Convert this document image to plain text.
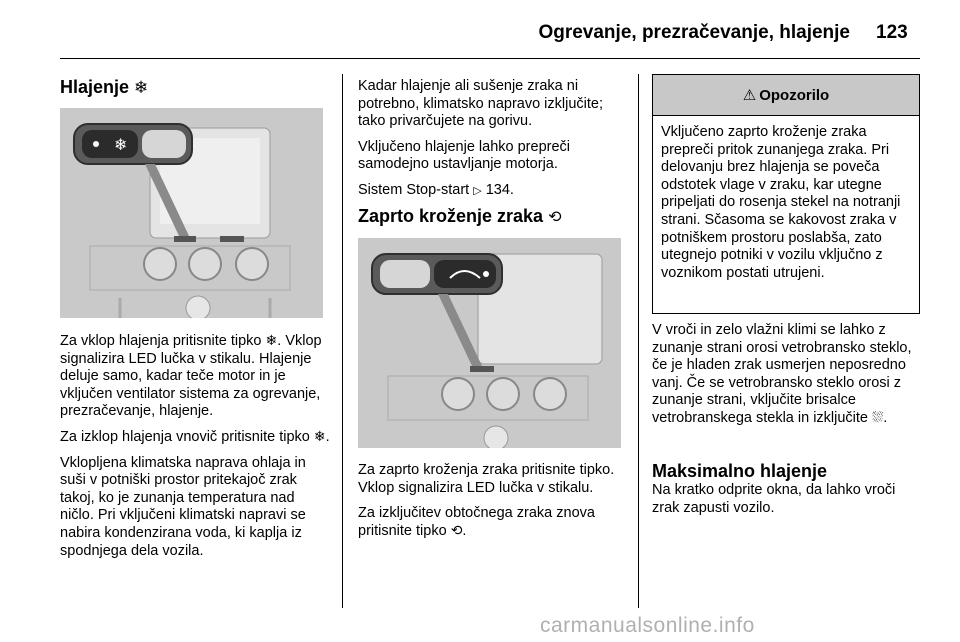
Ogrevanje, prezračevanje, hlajenje 123
Hlajenje ❄
❄

Za vklop hlajenja pritisnite tipko ❄. Vklop signalizira LED lučka v stikalu. Hlajenje deluje samo, kadar teče motor in je vključen ventilator sistema za ogrevanje, prezračevanje, hlajenje.

Za izklop hlajenja vnovič pritisnite tipko ❄.

Vklopljena klimatska naprava ohlaja in suši v potniški prostor pritekajoč zrak takoj, ko je zunanja temperatura nad ničlo. Pri vključeni klimatski napravi se nabira kondenzirana voda, ki kaplja iz spodnjega dela vozila.

Kadar hlajenje ali sušenje zraka ni potrebno, klimatsko napravo izključite; tako privarčujete na gorivu.

Vključeno hlajenje lahko prepreči samodejno ustavljanje motorja.

Sistem Stop-start ▷ 134.

Zaprto kroženje zraka ⟲

Za zaprto kroženja zraka pritisnite tipko. Vklop signalizira LED lučka v stikalu.

Za izključitev obtočnega zraka znova pritisnite tipko ⟲.

⚠ Opozorilo
Vključeno zaprto kroženje zraka prepreči pritok zunanjega zraka. Pri delovanju brez hlajenja se poveča odstotek vlage v zraku, kar utegne pripeljati do rosenja stekel na notranji strani. Sčasoma se kakovost zraka v potniškem prostoru poslabša, zato utegnejo potniki v vozilu vključno z voznikom postati utrujeni.

V vroči in zelo vlažni klimi se lahko z zunanje strani orosi vetrobransko steklo, če je hladen zrak usmerjen neposredno vanj. Če se vetrobransko steklo orosi z zunanje strani, vključite brisalce vetrobranskega stekla in izključite ⛆.

Maksimalno hlajenje
Na kratko odprite okna, da lahko vroči zrak zapusti vozilo.
carmanualsonline.info
